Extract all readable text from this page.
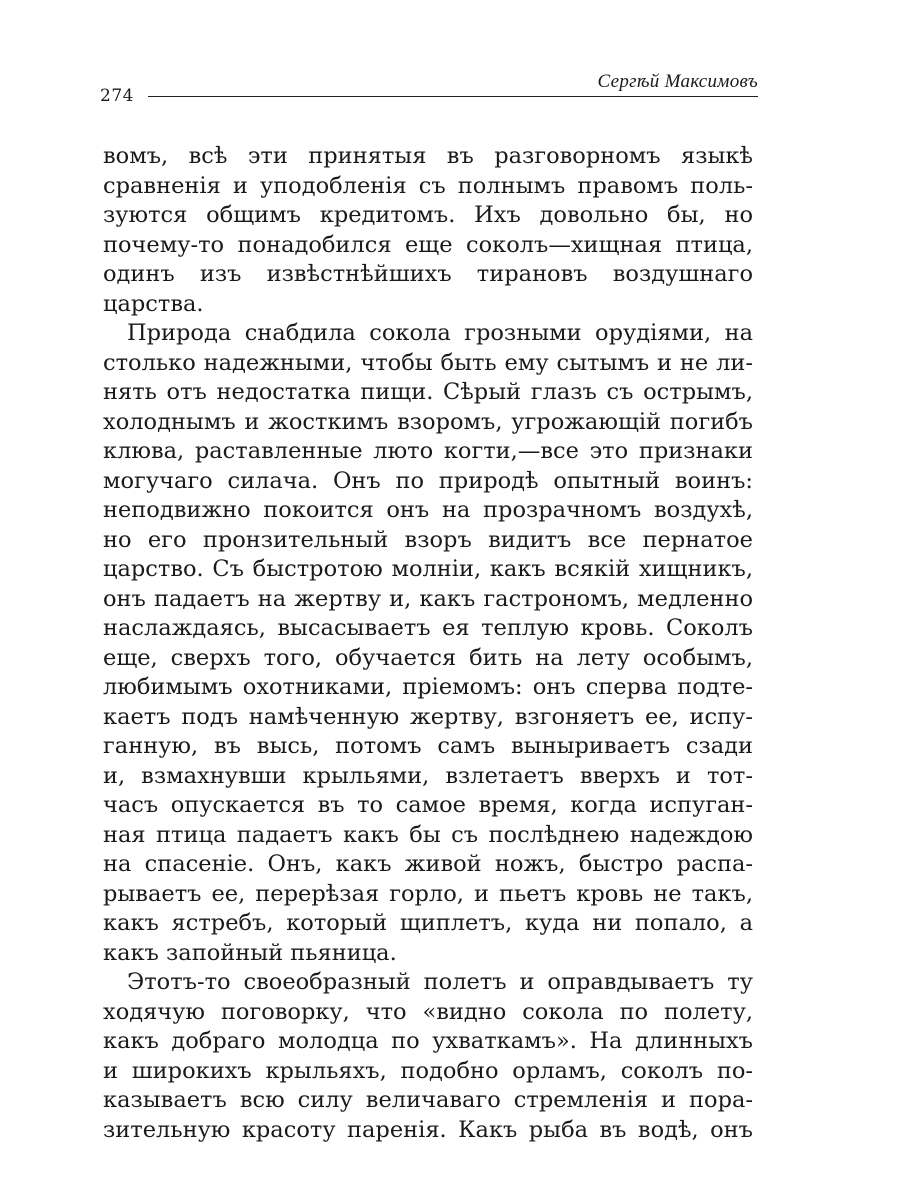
274
Сергѣй Максимовъ
вомъ, всѣ эти принятыя въ разговорномъ языкѣ
сравненія и уподобленія съ полнымъ правомъ поль-
зуются общимъ кредитомъ. Ихъ довольно бы, но
почему-то понадобился еще соколъ—хищная птица,
одинъ изъ извѣстнѣйшихъ тирановъ воздушнаго
царства.
Природа снабдила сокола грозными орудіями, на
столько надежными, чтобы быть ему сытымъ и не ли-
нять отъ недостатка пищи. Сѣрый глазъ съ острымъ,
холоднымъ и жосткимъ взоромъ, угрожающій погибъ
клюва, раставленные люто когти,—все это признаки
могучаго силача. Онъ по природѣ опытный воинъ:
неподвижно покоится онъ на прозрачномъ воздухѣ,
но его пронзительный взоръ видитъ все пернатое
царство. Съ быстротою молніи, какъ всякій хищникъ,
онъ падаетъ на жертву и, какъ гастрономъ, медленно
наслаждаясь, высасываетъ ея теплую кровь. Соколъ
еще, сверхъ того, обучается бить на лету особымъ,
любимымъ охотниками, пріемомъ: онъ сперва подте-
каетъ подъ намѣченную жертву, взгоняетъ ее, испу-
ганную, въ высь, потомъ самъ выныриваетъ сзади
и, взмахнувши крыльями, взлетаетъ вверхъ и тот-
часъ опускается въ то самое время, когда испуган-
ная птица падаетъ какъ бы съ послѣднею надеждою
на спасеніе. Онъ, какъ живой ножъ, быстро распа-
рываетъ ее, перерѣзая горло, и пьетъ кровь не такъ,
какъ ястребъ, который щиплетъ, куда ни попало, а
какъ запойный пьяница.
Этотъ-то своеобразный полетъ и оправдываетъ ту
ходячую поговорку, что «видно сокола по полету,
какъ добраго молодца по ухваткамъ». На длинныхъ
и широкихъ крыльяхъ, подобно орламъ, соколъ по-
казываетъ всю силу величаваго стремленія и пора-
зительную красоту паренія. Какъ рыба въ водѣ, онъ
